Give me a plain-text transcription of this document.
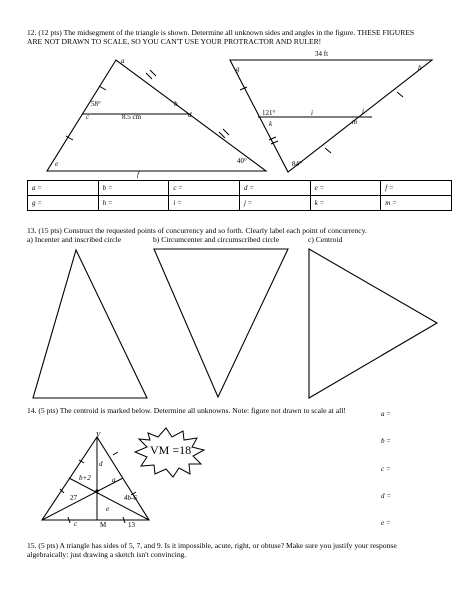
12. (12 pts) The midsegment of the triangle is shown. Determine all unknown sides and angles in the figure. THESE FIGURES
ARE NOT DRAWN TO SCALE, SO YOU CAN'T USE YOUR PROTRACTOR AND RULER!
a
58°	b
c	8.5 cm	d
e	40°
f
34 ft
g	h
121°	i	j
k	m
84°
a =	b =	c =	d =	e =	f =
g =	h =	i =	j =	k =	m =
13. (15 pts) Construct the requested points of concurrency and so forth. Clearly label each point of concurrency.
a) Incenter and inscribed circle	b) Circumcenter and circumscribed circle	c) Centroid
14. (5 pts) The centroid is marked below. Determine all unknowns. Note: figure not drawn to scale at all!
VM =18
V
d
b+2	a
27	4b-6
e
c	M	13
a =
b =
c =
d =
e =
15. (5 pts) A triangle has sides of 5, 7, and 9. Is it impossible, acute, right, or obtuse? Make sure you justify your response
algebraically: just drawing a sketch isn't convincing.
